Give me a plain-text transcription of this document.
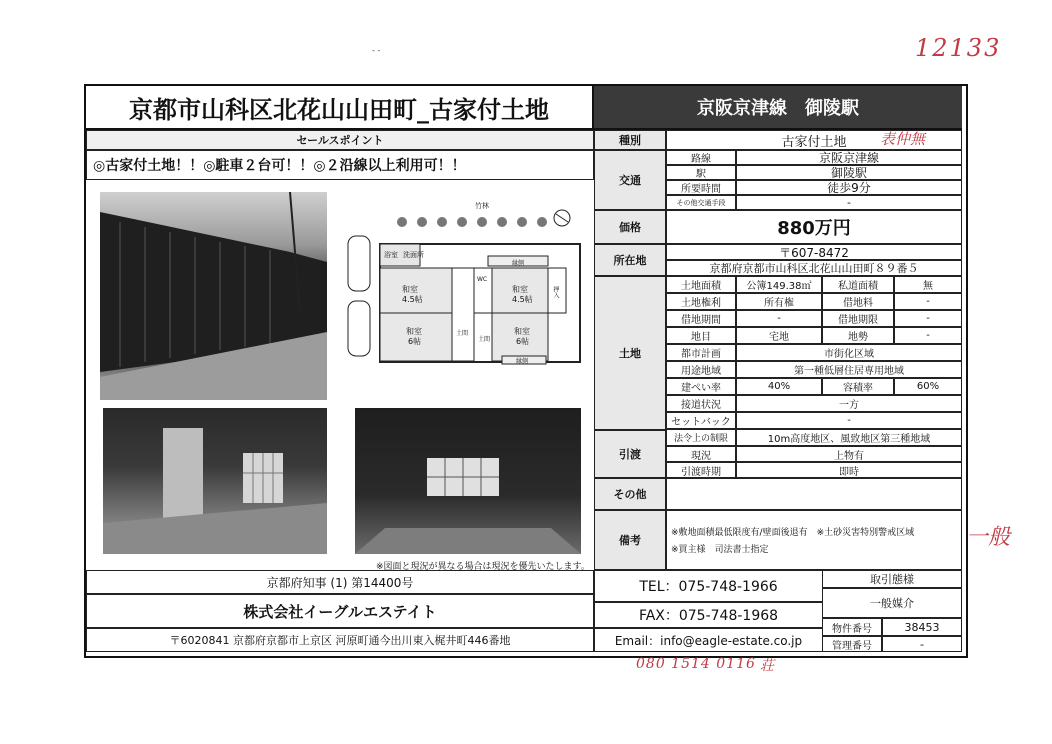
12133
- -
京都市山科区北花山山田町_古家付土地	京阪京津線　御陵駅
セールスポイント
◎古家付土地！！◎駐車２台可！！◎２沿線以上利用可！！
竹林
浴室 洗面所
和室
4.5帖
和室
6帖
和室
4.5帖
和室
6帖
縁側
縁側
土間
土間
押入
WC
※図面と現況が異なる場合は現況を優先いたします。
種別	古家付土地	表仲無
交通
路線	京阪京津線
駅	御陵駅
所要時間	徒歩9分
その他交通手段	-
価格	880万円
所在地
〒607-8472
京都府京都市山科区北花山山田町８９番５
土地
土地面積	公簿149.38㎡	私道面積	無
土地権利	所有権	借地料	-
借地期間	-	借地期限	-
地目	宅地	地勢	-
都市計画	市街化区域
用途地域	第一種低層住居専用地域
建ぺい率	40%	容積率	60%
接道状況	一方
セットバック	-
法令上の制限	10m高度地区、風致地区第三種地域
引渡	現況	上物有
引渡時期	即時
その他
備考
※敷地面積最低限度有/壁面後退有　※土砂災害特別警戒区域
※買主様　司法書士指定	一般
京都府知事 (1) 第14400号
株式会社イーグルエステイト
〒6020841 京都府京都市上京区 河原町通今出川東入梶井町446番地
TEL：075-748-1966
FAX：075-748-1968
Email：info@eagle-estate.co.jp
取引態様
一般媒介
物件番号	38453
管理番号	-
080 1514 0116 荘
